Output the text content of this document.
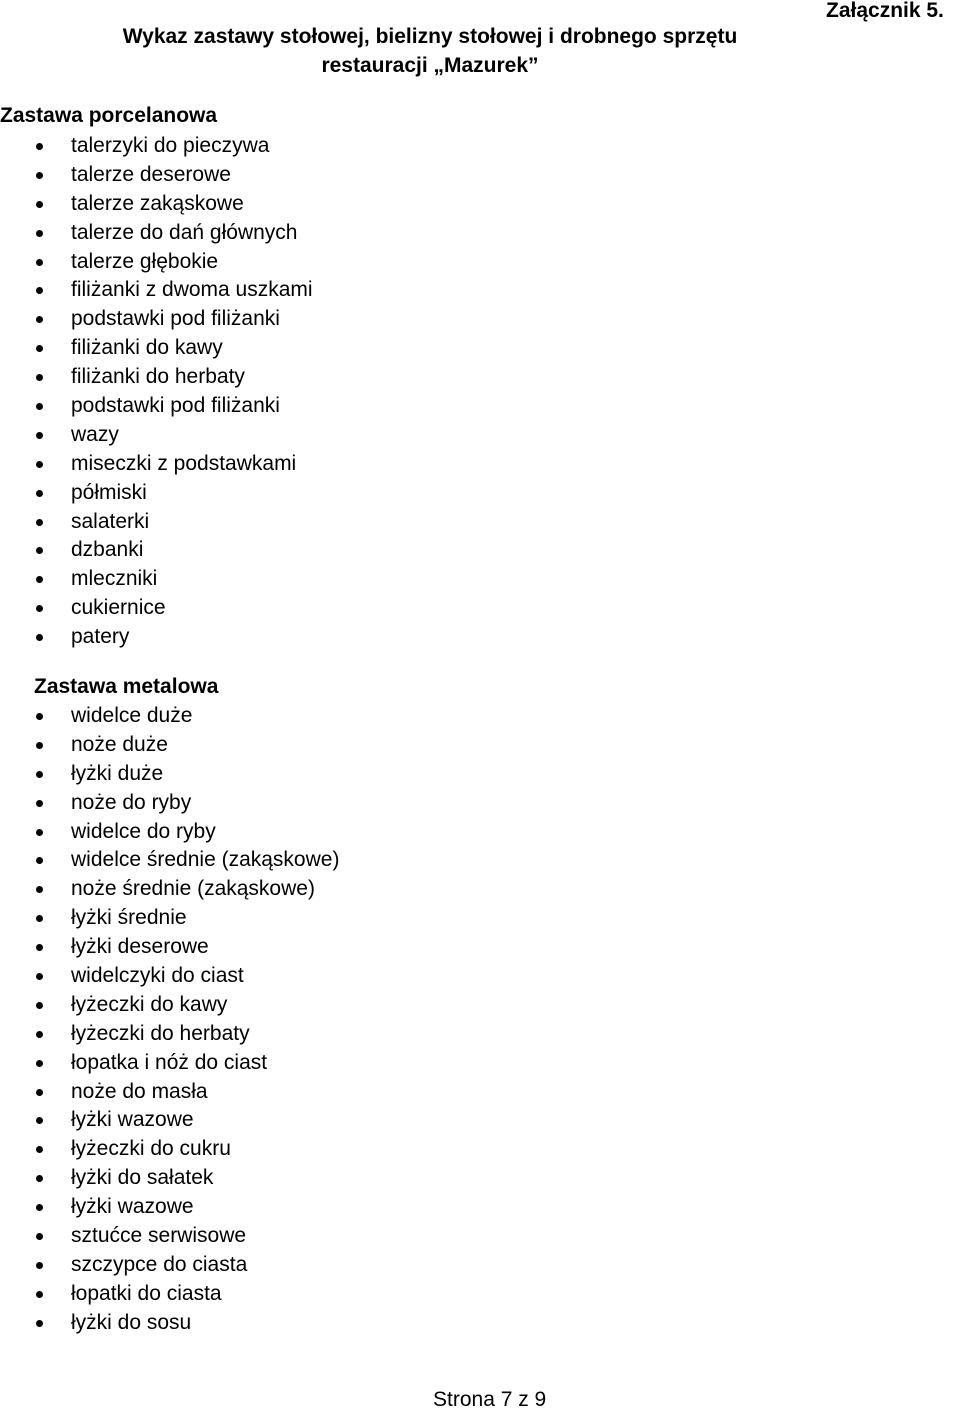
Załącznik 5.
Wykaz zastawy stołowej, bielizny stołowej i drobnego sprzętu
restauracji „Mazurek”
Zastawa porcelanowa
talerzyki do pieczywa
talerze deserowe
talerze zakąskowe
talerze do dań głównych
talerze głębokie
filiżanki z dwoma uszkami
podstawki pod filiżanki
filiżanki do kawy
filiżanki do herbaty
podstawki pod filiżanki
wazy
miseczki z podstawkami
półmiski
salaterki
dzbanki
mleczniki
cukiernice
patery
Zastawa metalowa
widelce duże
noże duże
łyżki duże
noże do ryby
widelce do ryby
widelce średnie (zakąskowe)
noże średnie (zakąskowe)
łyżki średnie
łyżki deserowe
widelczyki do ciast
łyżeczki do kawy
łyżeczki do herbaty
łopatka i nóż do ciast
noże do masła
łyżki wazowe
łyżeczki do cukru
łyżki do sałatek
łyżki wazowe
sztućce serwisowe
szczypce do ciasta
łopatki do ciasta
łyżki do sosu
Strona 7 z 9
